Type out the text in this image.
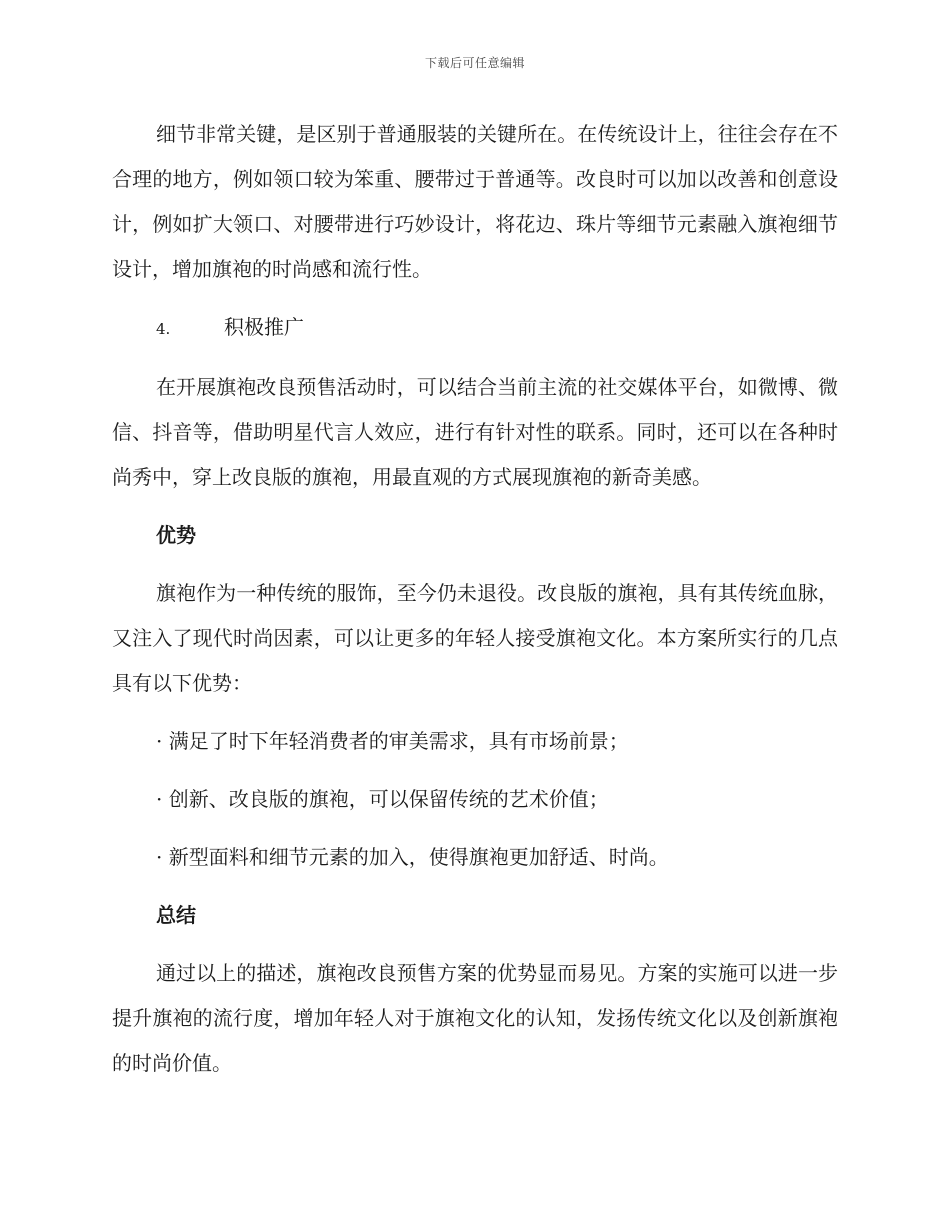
下载后可任意编辑

细节非常关键，是区别于普通服装的关键所在。在传统设计上，往往会存在不合理的地方，例如领口较为笨重、腰带过于普通等。改良时可以加以改善和创意设计，例如扩大领口、对腰带进行巧妙设计，将花边、珠片等细节元素融入旗袍细节设计，增加旗袍的时尚感和流行性。

4.	积极推广

在开展旗袍改良预售活动时，可以结合当前主流的社交媒体平台，如微博、微信、抖音等，借助明星代言人效应，进行有针对性的联系。同时，还可以在各种时尚秀中，穿上改良版的旗袍，用最直观的方式展现旗袍的新奇美感。

优势

旗袍作为一种传统的服饰，至今仍未退役。改良版的旗袍，具有其传统血脉，又注入了现代时尚因素，可以让更多的年轻人接受旗袍文化。本方案所实行的几点具有以下优势：

· 满足了时下年轻消费者的审美需求，具有市场前景；

· 创新、改良版的旗袍，可以保留传统的艺术价值；

· 新型面料和细节元素的加入，使得旗袍更加舒适、时尚。

总结

通过以上的描述，旗袍改良预售方案的优势显而易见。方案的实施可以进一步提升旗袍的流行度，增加年轻人对于旗袍文化的认知，发扬传统文化以及创新旗袍的时尚价值。
